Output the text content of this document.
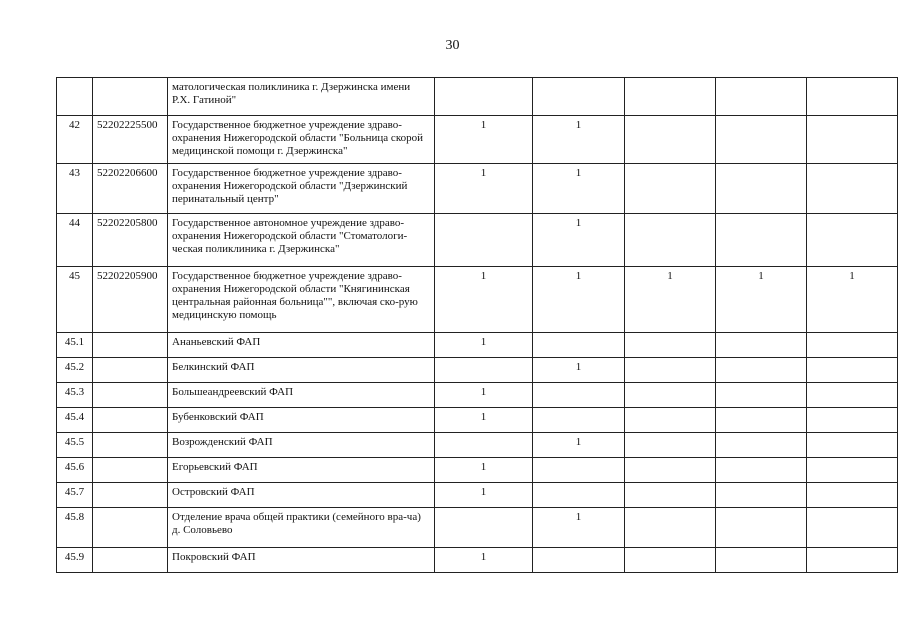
30
		матологическая поликлиника г. Дзержинска имени Р.Х. Гатиной"					
42	52202225500	Государственное бюджетное учреждение здраво-охранения Нижегородской области "Больница скорой медицинской помощи г. Дзержинска"	1	1			
43	52202206600	Государственное бюджетное учреждение здраво-охранения Нижегородской области "Дзержинский перинатальный центр"	1	1			
44	52202205800	Государственное автономное учреждение здраво-охранения Нижегородской области "Стоматологи-ческая поликлиника г. Дзержинска"		1			
45	52202205900	Государственное бюджетное учреждение здраво-охранения Нижегородской области "Княгининская центральная районная больница"", включая ско-рую медицинскую помощь	1	1	1	1	1
45.1		Ананьевский ФАП	1				
45.2		Белкинский ФАП		1			
45.3		Большеандреевский ФАП	1				
45.4		Бубенковский ФАП	1				
45.5		Возрожденский ФАП		1			
45.6		Егорьевский ФАП	1				
45.7		Островский ФАП	1				
45.8		Отделение врача общей практики (семейного вра-ча) д. Соловьево		1			
45.9		Покровский ФАП	1				
